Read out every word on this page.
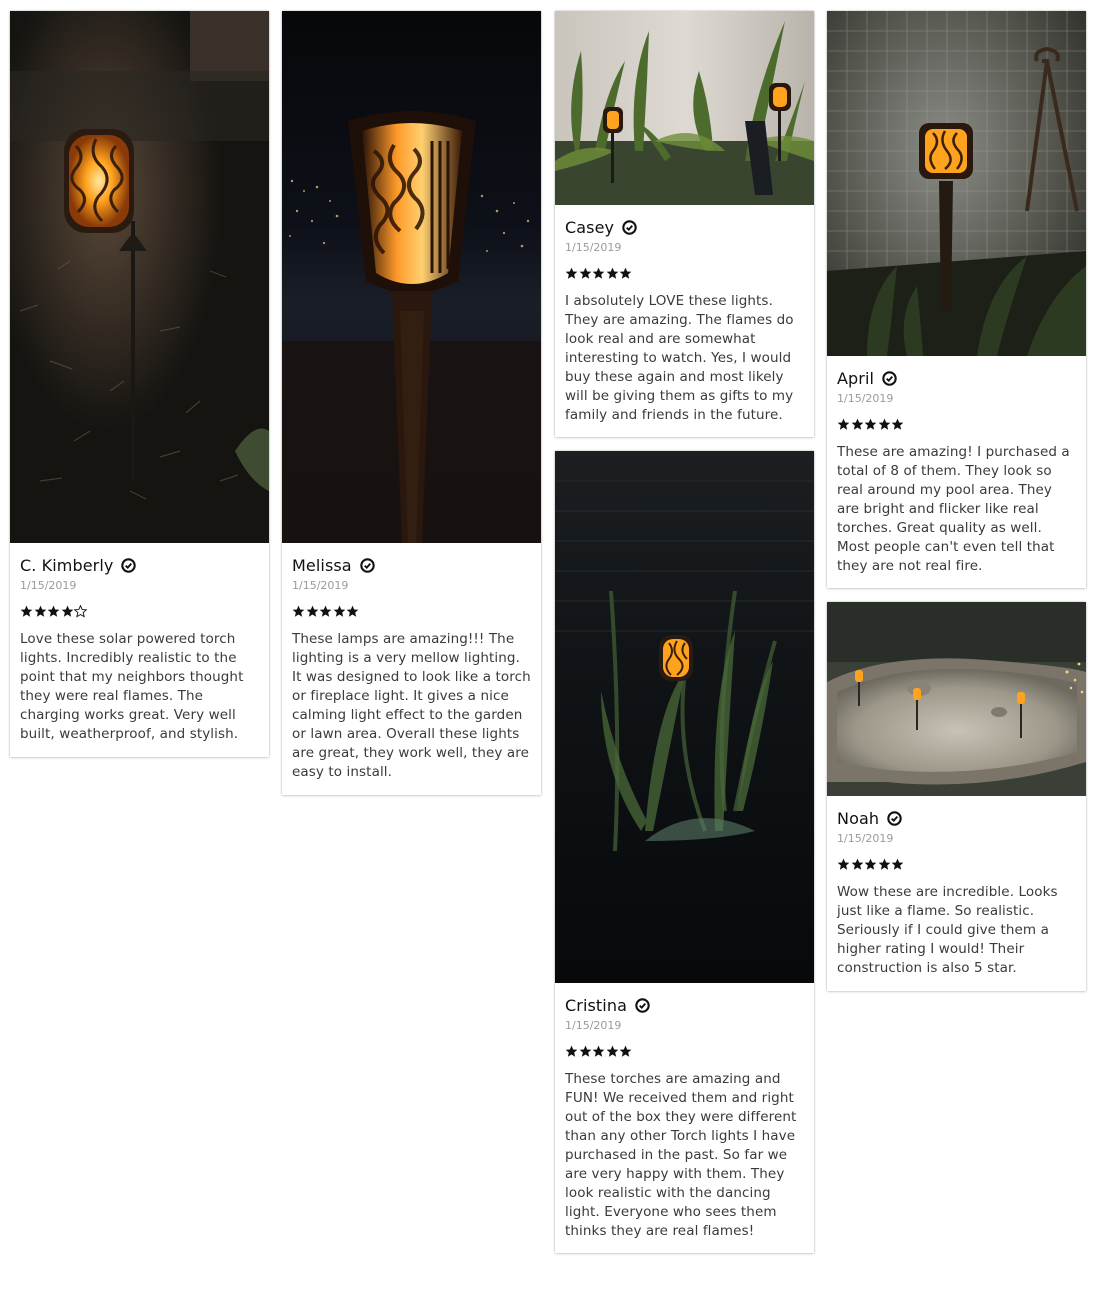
C. Kimberly
1/15/2019
Love these solar powered torch lights. Incredibly realistic to the point that my neighbors thought they were real flames. The charging works great. Very well built, weatherproof, and stylish.
Melissa
1/15/2019
These lamps are amazing!!! The lighting is a very mellow lighting. It was designed to look like a torch or fireplace light. It gives a nice calming light effect to the garden or lawn area. Overall these lights are great, they work well, they are easy to install.
Casey
1/15/2019
I absolutely LOVE these lights. They are amazing. The flames do look real and are somewhat interesting to watch. Yes, I would buy these again and most likely will be giving them as gifts to my family and friends in the future.
Cristina
1/15/2019
These torches are amazing and FUN! We received them and right out of the box they were different than any other Torch lights I have purchased in the past. So far we are very happy with them. They look realistic with the dancing light. Everyone who sees them thinks they are real flames!
April
1/15/2019
These are amazing! I purchased a total of 8 of them. They look so real around my pool area. They are bright and flicker like real torches. Great quality as well. Most people can't even tell that they are not real fire.
Noah
1/15/2019
Wow these are incredible. Looks just like a flame. So realistic. Seriously if I could give them a higher rating I would! Their construction is also 5 star.
